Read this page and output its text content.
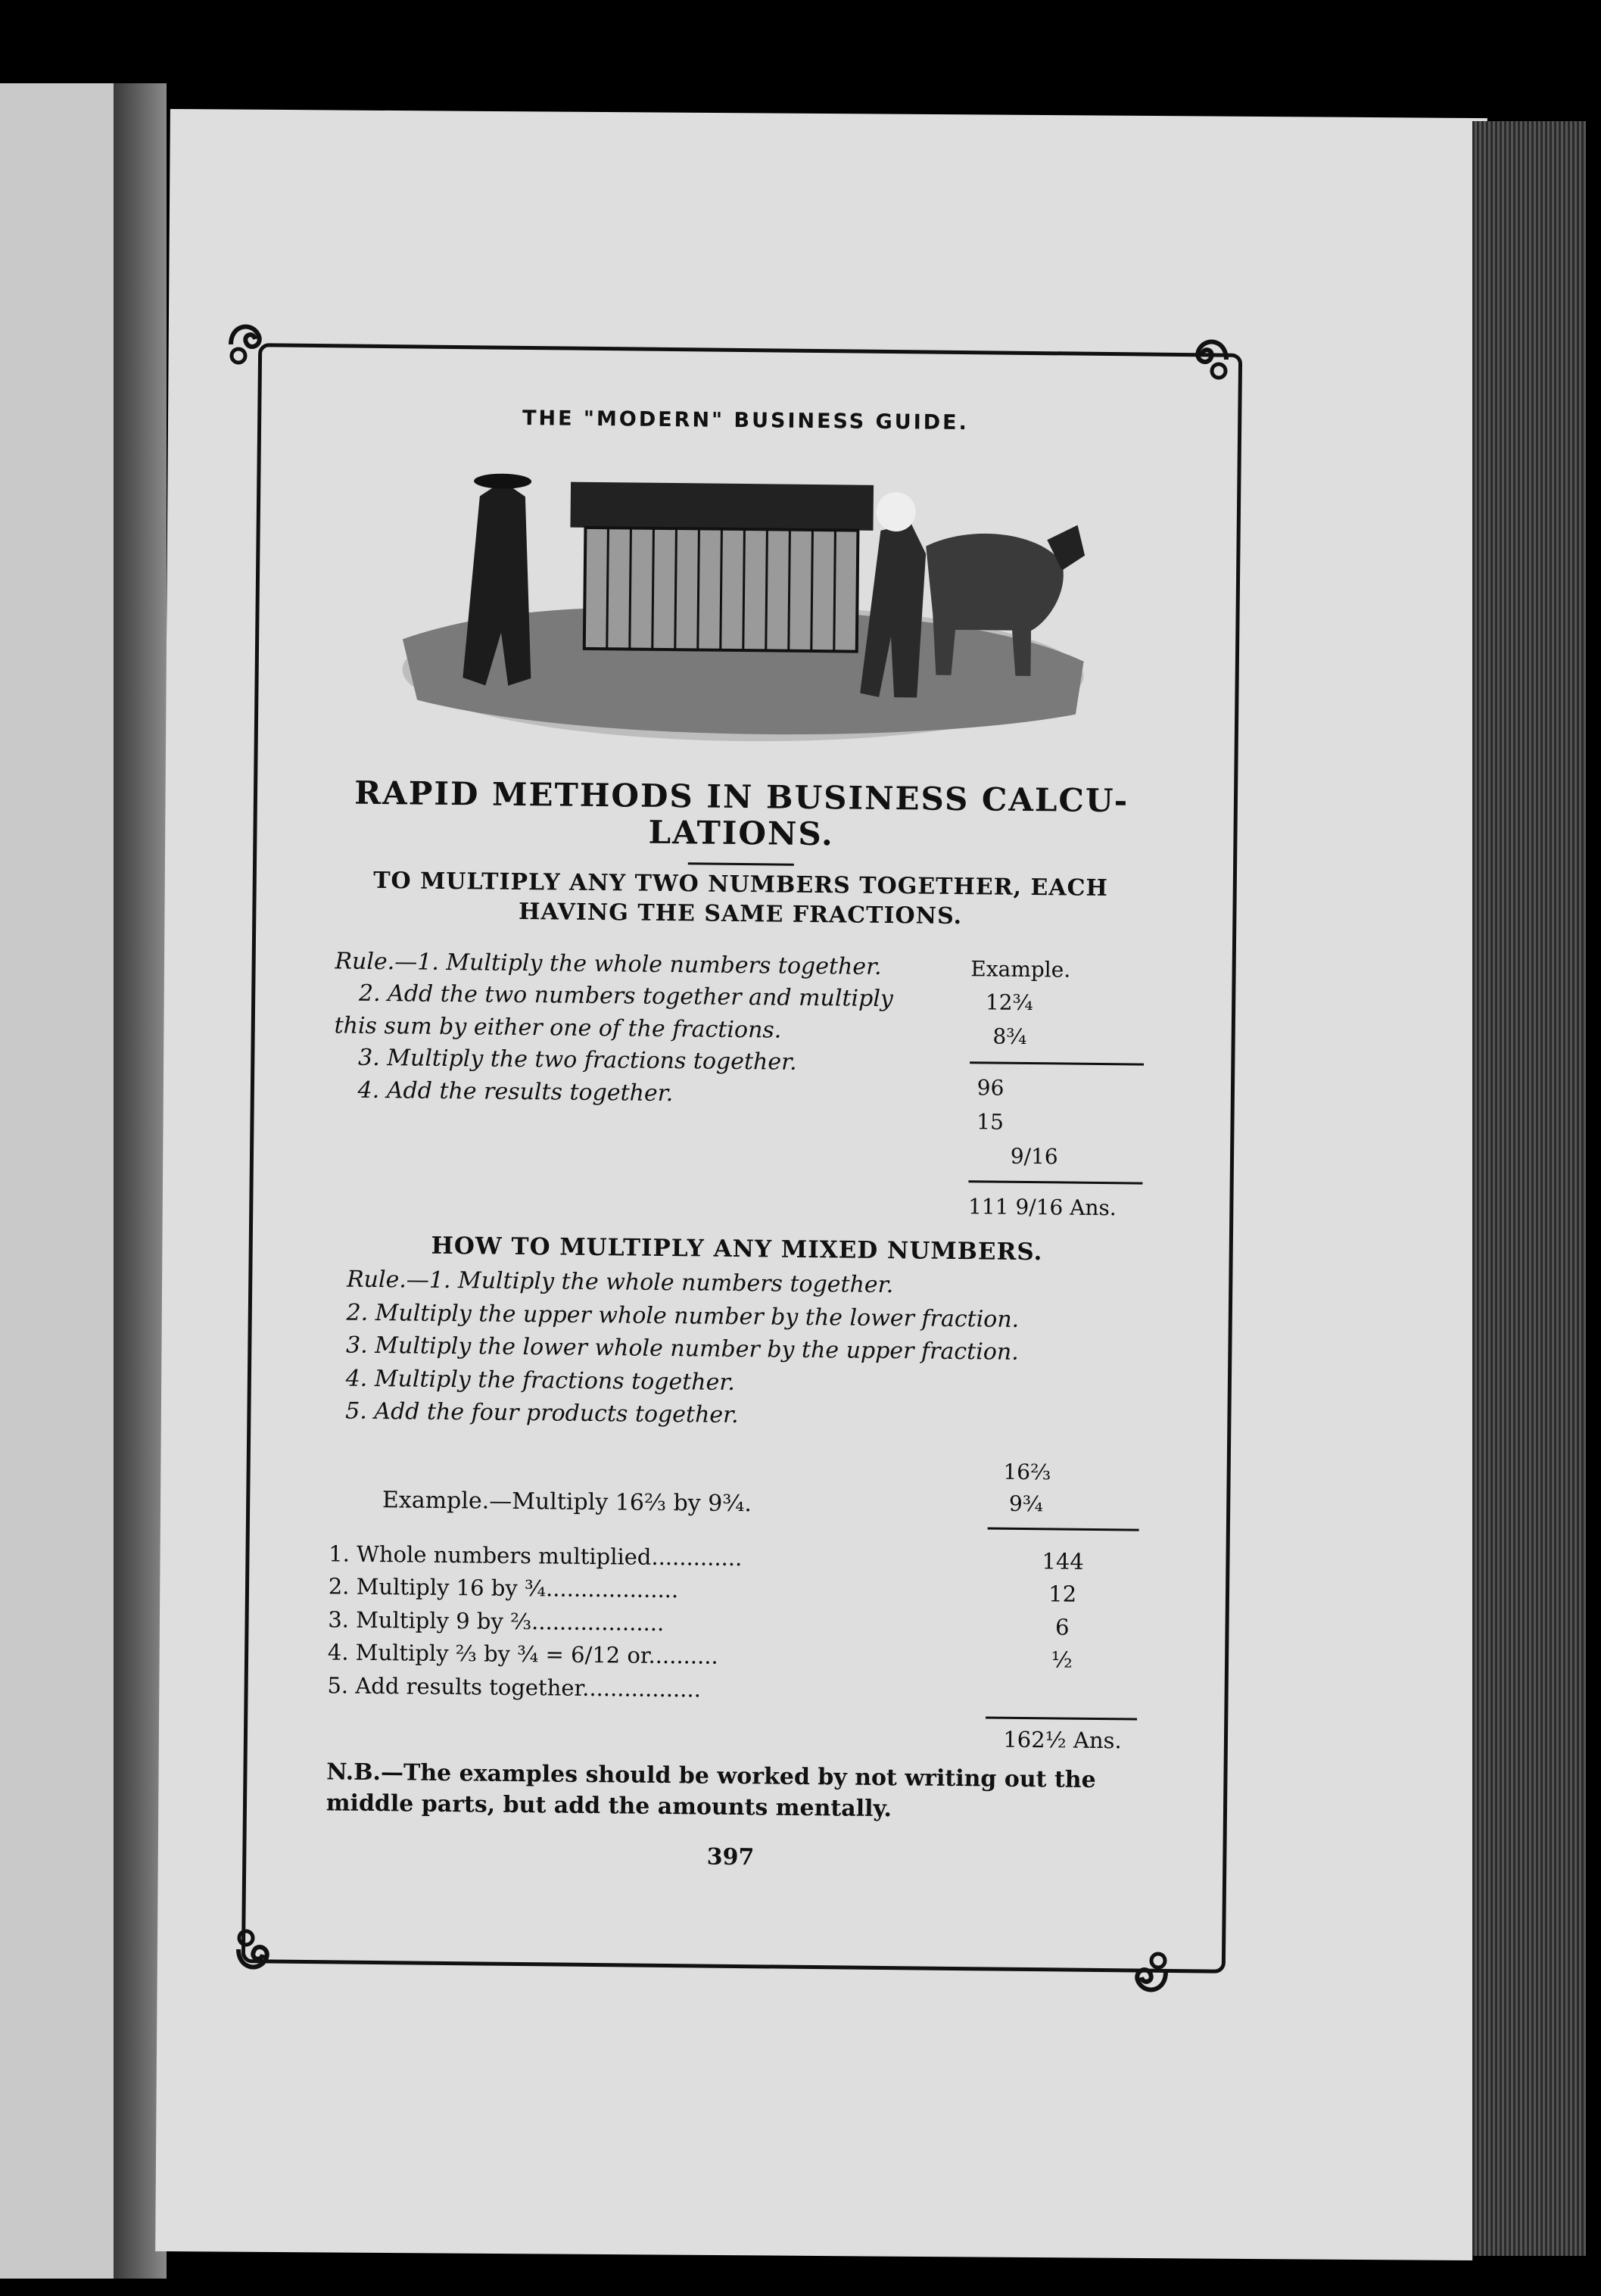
THE "MODERN" BUSINESS GUIDE.
RAPID METHODS IN BUSINESS CALCU-LATIONS.
TO MULTIPLY ANY TWO NUMBERS TOGETHER, EACH HAVING THE SAME FRACTIONS.

Rule.—1. Multiply the whole numbers together.

2. Add the two numbers together and multiply this sum by either one of the fractions.

3. Multiply the two fractions together.

4. Add the results together.

Example.
12¾
8¾
96
15
9/16
111 9/16 Ans.
HOW TO MULTIPLY ANY MIXED NUMBERS.

Rule.—1. Multiply the whole numbers together.

2. Multiply the upper whole number by the lower fraction.

3. Multiply the lower whole number by the upper fraction.

4. Multiply the fractions together.

5. Add the four products together.

Example.—Multiply 16⅔ by 9¾.
16⅔
9¾
1. Whole numbers multiplied.............	144
2. Multiply 16 by ¾...................	12
3. Multiply 9 by ⅔...................	6
4. Multiply ⅔ by ¾ = 6/12 or..........	½
5. Add results together.................
162½ Ans.
N.B.—The examples should be worked by not writing out the middle parts, but add the amounts mentally.
397
